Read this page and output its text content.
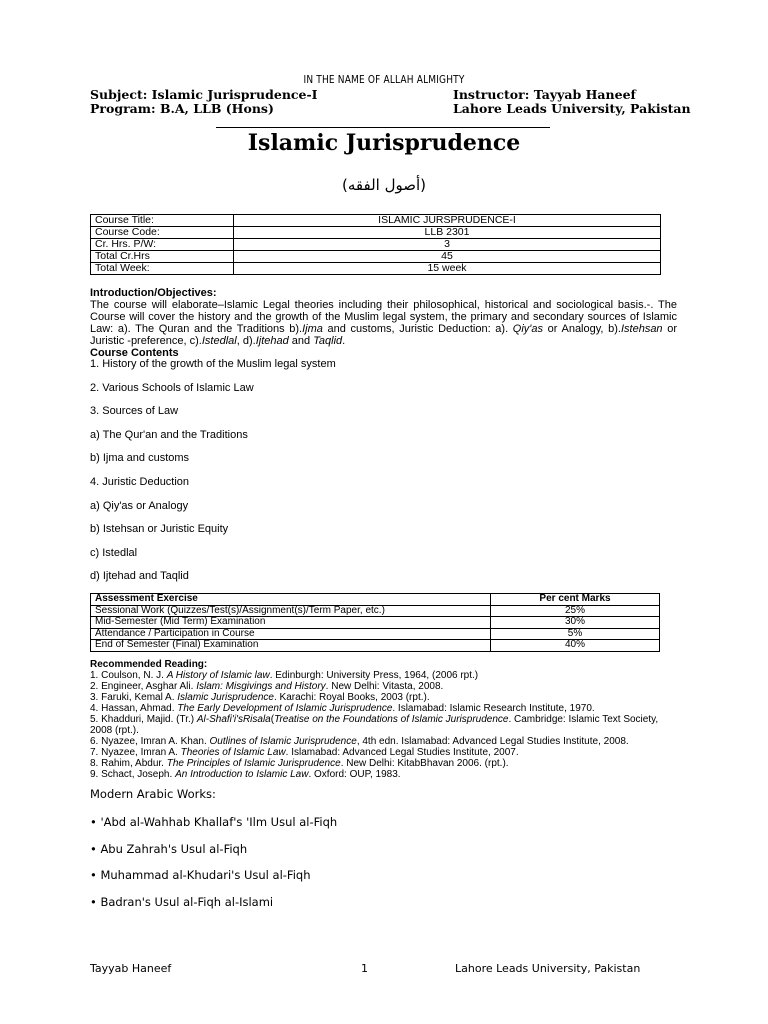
IN THE NAME OF ALLAH ALMIGHTY
Subject: Islamic Jurisprudence-I	Instructor: Tayyab Haneef
Program: B.A, LLB (Hons)	Lahore Leads University, Pakistan
Islamic Jurisprudence
(أصول الفقه)
Course Title:	ISLAMIC JURSPRUDENCE-I
Course Code:	LLB 2301
Cr. Hrs. P/W:	3
Total Cr.Hrs	45
Total Week:	15 week
Introduction/Objectives:
The course will elaborate–Islamic Legal theories including their philosophical, historical and sociological basis.-. The Course will cover the history and the growth of the Muslim legal system, the primary and secondary sources of Islamic Law: a). The Quran and the Traditions b).Ijma and customs, Juristic Deduction: a). Qiy'as or Analogy, b).Istehsan or Juristic -preference, c).Istedlal, d).Ijtehad and Taqlid.
Course Contents
1. History of the growth of the Muslim legal system
2. Various Schools of Islamic Law
3. Sources of Law
a) The Qur'an and the Traditions
b) Ijma and customs
4. Juristic Deduction
a) Qiy'as or Analogy
b) Istehsan or Juristic Equity
c) Istedlal
d) Ijtehad and Taqlid
Assessment Exercise	Per cent Marks
Sessional Work (Quizzes/Test(s)/Assignment(s)/Term Paper, etc.)	25%
Mid-Semester (Mid Term) Examination	30%
Attendance / Participation in Course	5%
End of Semester (Final) Examination	40%
Recommended Reading:
1. Coulson, N. J. A History of Islamic law. Edinburgh: University Press, 1964, (2006 rpt.)
2. Engineer, Asghar Ali. Islam: Misgivings and History. New Delhi: Vitasta, 2008.
3. Faruki, Kemal A. Islamic Jurisprudence. Karachi: Royal Books, 2003 (rpt.).
4. Hassan, Ahmad. The Early Development of Islamic Jurisprudence. Islamabad: Islamic Research Institute, 1970.
5. Khadduri, Majid. (Tr.) Al-Shafi'i'sRisala(Treatise on the Foundations of Islamic Jurisprudence. Cambridge: Islamic Text Society, 2008 (rpt.).
6. Nyazee, Imran A. Khan. Outlines of Islamic Jurisprudence, 4th edn. Islamabad: Advanced Legal Studies Institute, 2008.
7. Nyazee, Imran A. Theories of Islamic Law. Islamabad: Advanced Legal Studies Institute, 2007.
8. Rahim, Abdur. The Principles of Islamic Jurisprudence. New Delhi: KitabBhavan 2006. (rpt.).
9. Schact, Joseph. An Introduction to Islamic Law. Oxford: OUP, 1983.
Modern Arabic Works:
• 'Abd al-Wahhab Khallaf's 'Ilm Usul al-Fiqh
• Abu Zahrah's Usul al-Fiqh
• Muhammad al-Khudari's Usul al-Fiqh
• Badran's Usul al-Fiqh al-Islami
Tayyab Haneef	1	Lahore Leads University, Pakistan
